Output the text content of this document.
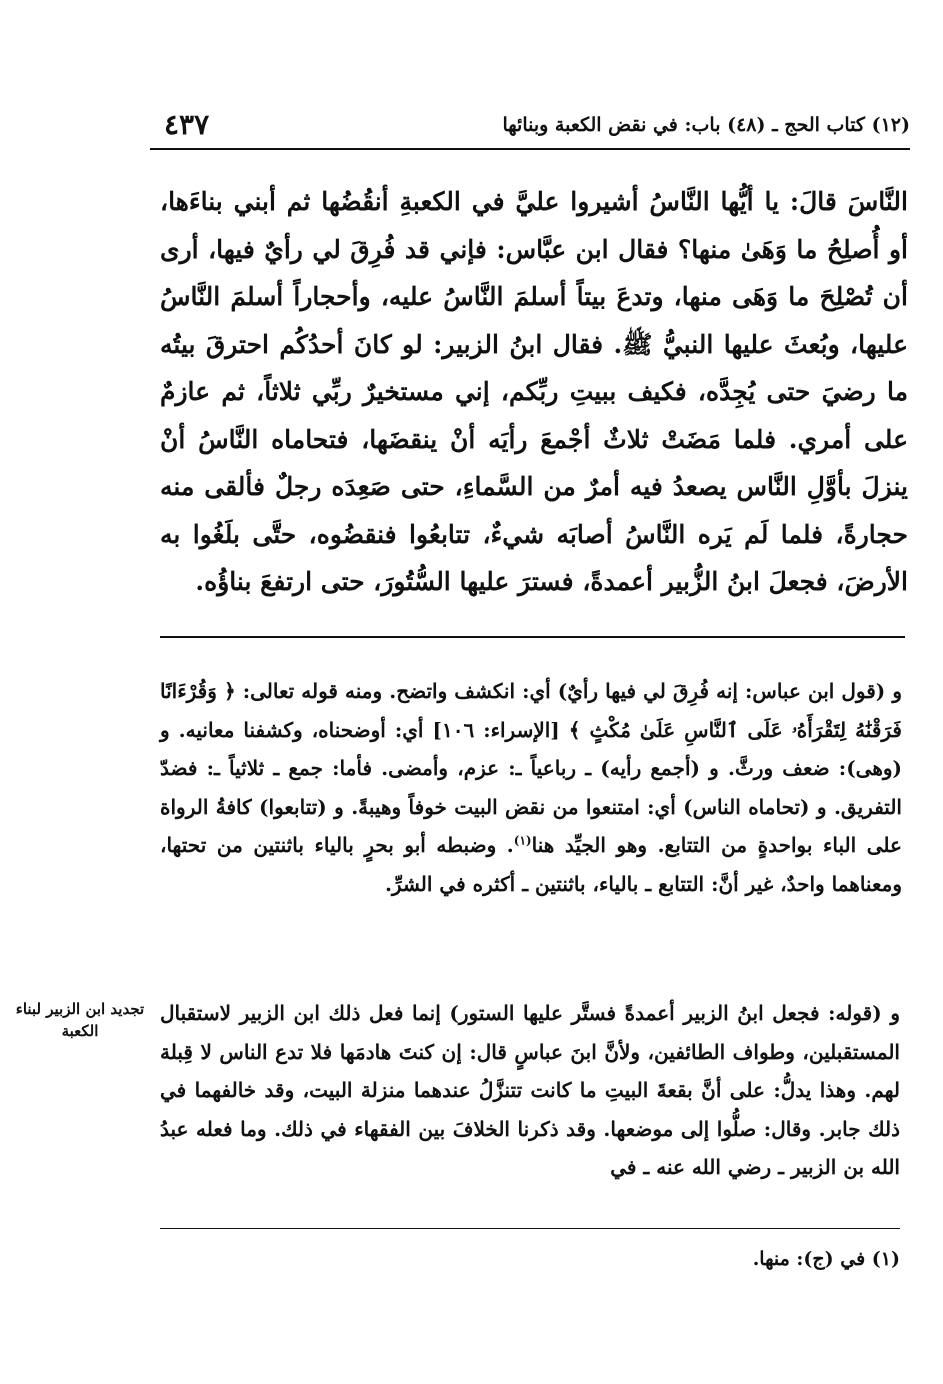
(١٢) كتاب الحج ـ (٤٨) باب: في نقض الكعبة وبنائها
٤٣٧

النَّاسَ قالَ: يا أيُّها النَّاسُ أشيروا عليَّ في الكعبةِ أنقُضُها ثم أبني بناءَها، أو أُصلِحُ ما وَهَىٰ منها؟ فقال ابن عبَّاس: فإني قد فُرِقَ لي رأيٌ فيها، أرى أن تُصْلِحَ ما وَهَى منها، وتدعَ بيتاً أسلمَ النَّاسُ عليه، وأحجاراً أسلمَ النَّاسُ عليها، وبُعثَ عليها النبيُّ ﷺ. فقال ابنُ الزبير: لو كانَ أحدُكُم احترقَ بيتُه ما رضيَ حتى يُجِدَّه، فكيف ببيتِ ربِّكم، إني مستخيرٌ ربِّي ثلاثاً، ثم عازمٌ على أمري. فلما مَضَتْ ثلاثٌ أجْمعَ رأيَه أنْ ينقضَها، فتحاماه النَّاسُ أنْ ينزلَ بأوَّلِ النَّاس يصعدُ فيه أمرٌ من السَّماءِ، حتى صَعِدَه رجلٌ فألقى منه حجارةً، فلما لَم يَره النَّاسُ أصابَه شيءٌ، تتابعُوا فنقضُوه، حتَّى بلَغُوا به الأرضَ، فجعلَ ابنُ الزُّبير أعمدةً، فسترَ عليها السُّتُورَ، حتى ارتفعَ بناؤُه.

و (قول ابن عباس: إنه فُرِقَ لي فيها رأيٌ) أي: انكشف واتضح. ومنه قوله تعالى: ﴿ وَقُرْءَانًا فَرَقْنَٰهُ لِتَقْرَأَهُۥ عَلَى ٱلنَّاسِ عَلَىٰ مُكْثٍ ﴾ [الإسراء: ١٠٦] أي: أوضحناه، وكشفنا معانيه. و (وهى): ضعف ورثَّ. و (أجمع رأيه) ـ رباعياً ـ: عزم، وأمضى. فأما: جمع ـ ثلاثياً ـ: فضدّ التفريق. و (تحاماه الناس) أي: امتنعوا من نقض البيت خوفاً وهيبةً. و (تتابعوا) كافةُ الرواة على الباء بواحدةٍ من التتابع. وهو الجيِّد هنا$^{(١)}$. وضبطه أبو بحرٍ بالياء باثنتين من تحتها، ومعناهما واحدٌ، غير أنَّ: التتابع ـ بالياء، باثنتين ـ أكثره في الشرِّ.

و (قوله: فجعل ابنُ الزبير أعمدةً فستَّر عليها الستور) إنما فعل ذلك ابن الزبير لاستقبال المستقبلين، وطواف الطائفين، ولأنَّ ابنَ عباسٍ قال: إن كنتَ هادمَها فلا تدع الناس لا قِبلة لهم. وهذا يدلُّ: على أنَّ بقعةَ البيتِ ما كانت تتنزَّلُ عندهما منزلة البيت، وقد خالفهما في ذلك جابر. وقال: صلُّوا إلى موضعها. وقد ذكرنا الخلافَ بين الفقهاء في ذلك. وما فعله عبدُ الله بن الزبير ـ رضي الله عنه ـ في

تجديد ابن الزبير لبناء الكعبة

(١) في (ج): منها.
